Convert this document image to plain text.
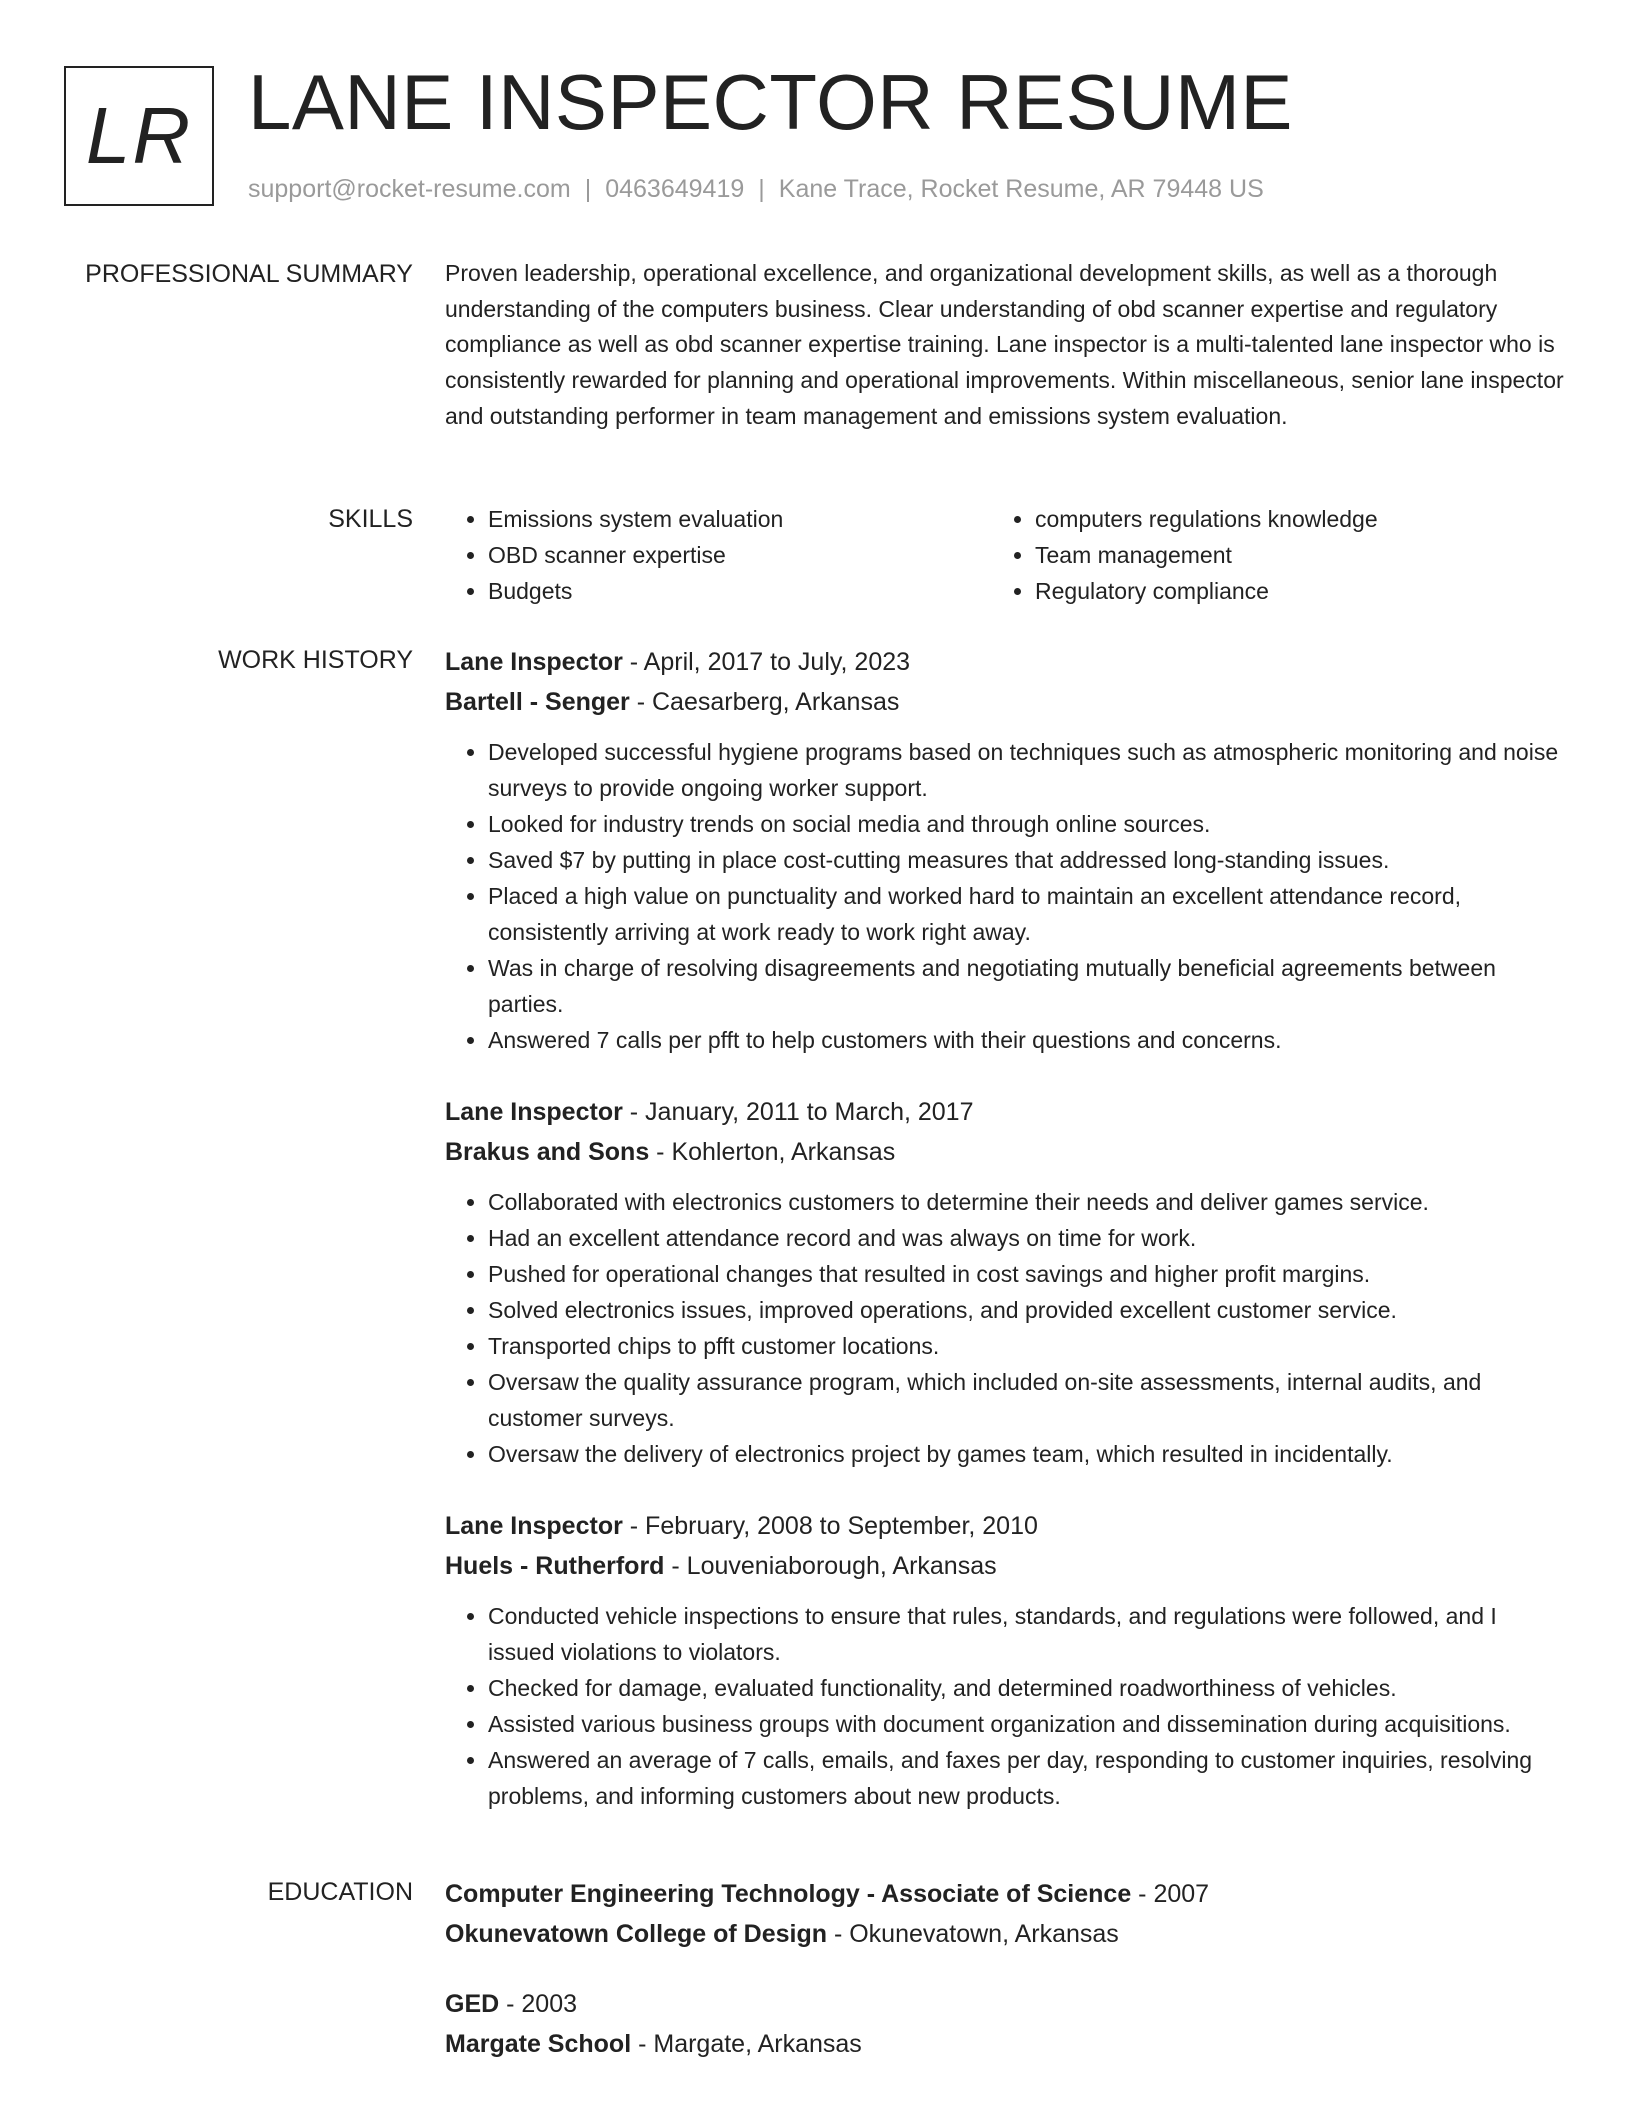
LR LANE INSPECTOR RESUME
support@rocket-resume.com | 0463649419 | Kane Trace, Rocket Resume, AR 79448 US
PROFESSIONAL SUMMARY Proven leadership, operational excellence, and organizational development skills, as well as a thorough understanding of the computers business. Clear understanding of obd scanner expertise and regulatory compliance as well as obd scanner expertise training. Lane inspector is a multi-talented lane inspector who is consistently rewarded for planning and operational improvements. Within miscellaneous, senior lane inspector and outstanding performer in team management and emissions system evaluation.

SKILLS
•	Emissions system evaluation
• OBD scanner expertise
• Budgets
• computers regulations knowledge
• Team management
• Regulatory compliance
WORK HISTORY Lane Inspector - April, 2017 to July, 2023
Bartell - Senger - Caesarberg, Arkansas
• Developed successful hygiene programs based on techniques such as atmospheric monitoring and noise surveys to provide ongoing worker support.
• Looked for industry trends on social media and through online sources.
• Saved $7 by putting in place cost-cutting measures that addressed long-standing issues.
• Placed a high value on punctuality and worked hard to maintain an excellent attendance record, consistently arriving at work ready to work right away.
• Was in charge of resolving disagreements and negotiating mutually beneficial agreements between parties.
• Answered 7 calls per pfft to help customers with their questions and concerns.
Lane Inspector - January, 2011 to March, 2017
Brakus and Sons - Kohlerton, Arkansas
• Collaborated with electronics customers to determine their needs and deliver games service.
• Had an excellent attendance record and was always on time for work.
• Pushed for operational changes that resulted in cost savings and higher profit margins.
• Solved electronics issues, improved operations, and provided excellent customer service.
• Transported chips to pfft customer locations.
• Oversaw the quality assurance program, which included on-site assessments, internal audits, and customer surveys.
• Oversaw the delivery of electronics project by games team, which resulted in incidentally.
Lane Inspector - February, 2008 to September, 2010
Huels - Rutherford - Louveniaborough, Arkansas
• Conducted vehicle inspections to ensure that rules, standards, and regulations were followed, and I issued violations to violators.
• Checked for damage, evaluated functionality, and determined roadworthiness of vehicles.
• Assisted various business groups with document organization and dissemination during acquisitions.
• Answered an average of 7 calls, emails, and faxes per day, responding to customer inquiries, resolving problems, and informing customers about new products.
EDUCATION Computer Engineering Technology - Associate of Science - 2007
Okunevatown College of Design - Okunevatown, Arkansas
GED - 2003
Margate School - Margate, Arkansas
